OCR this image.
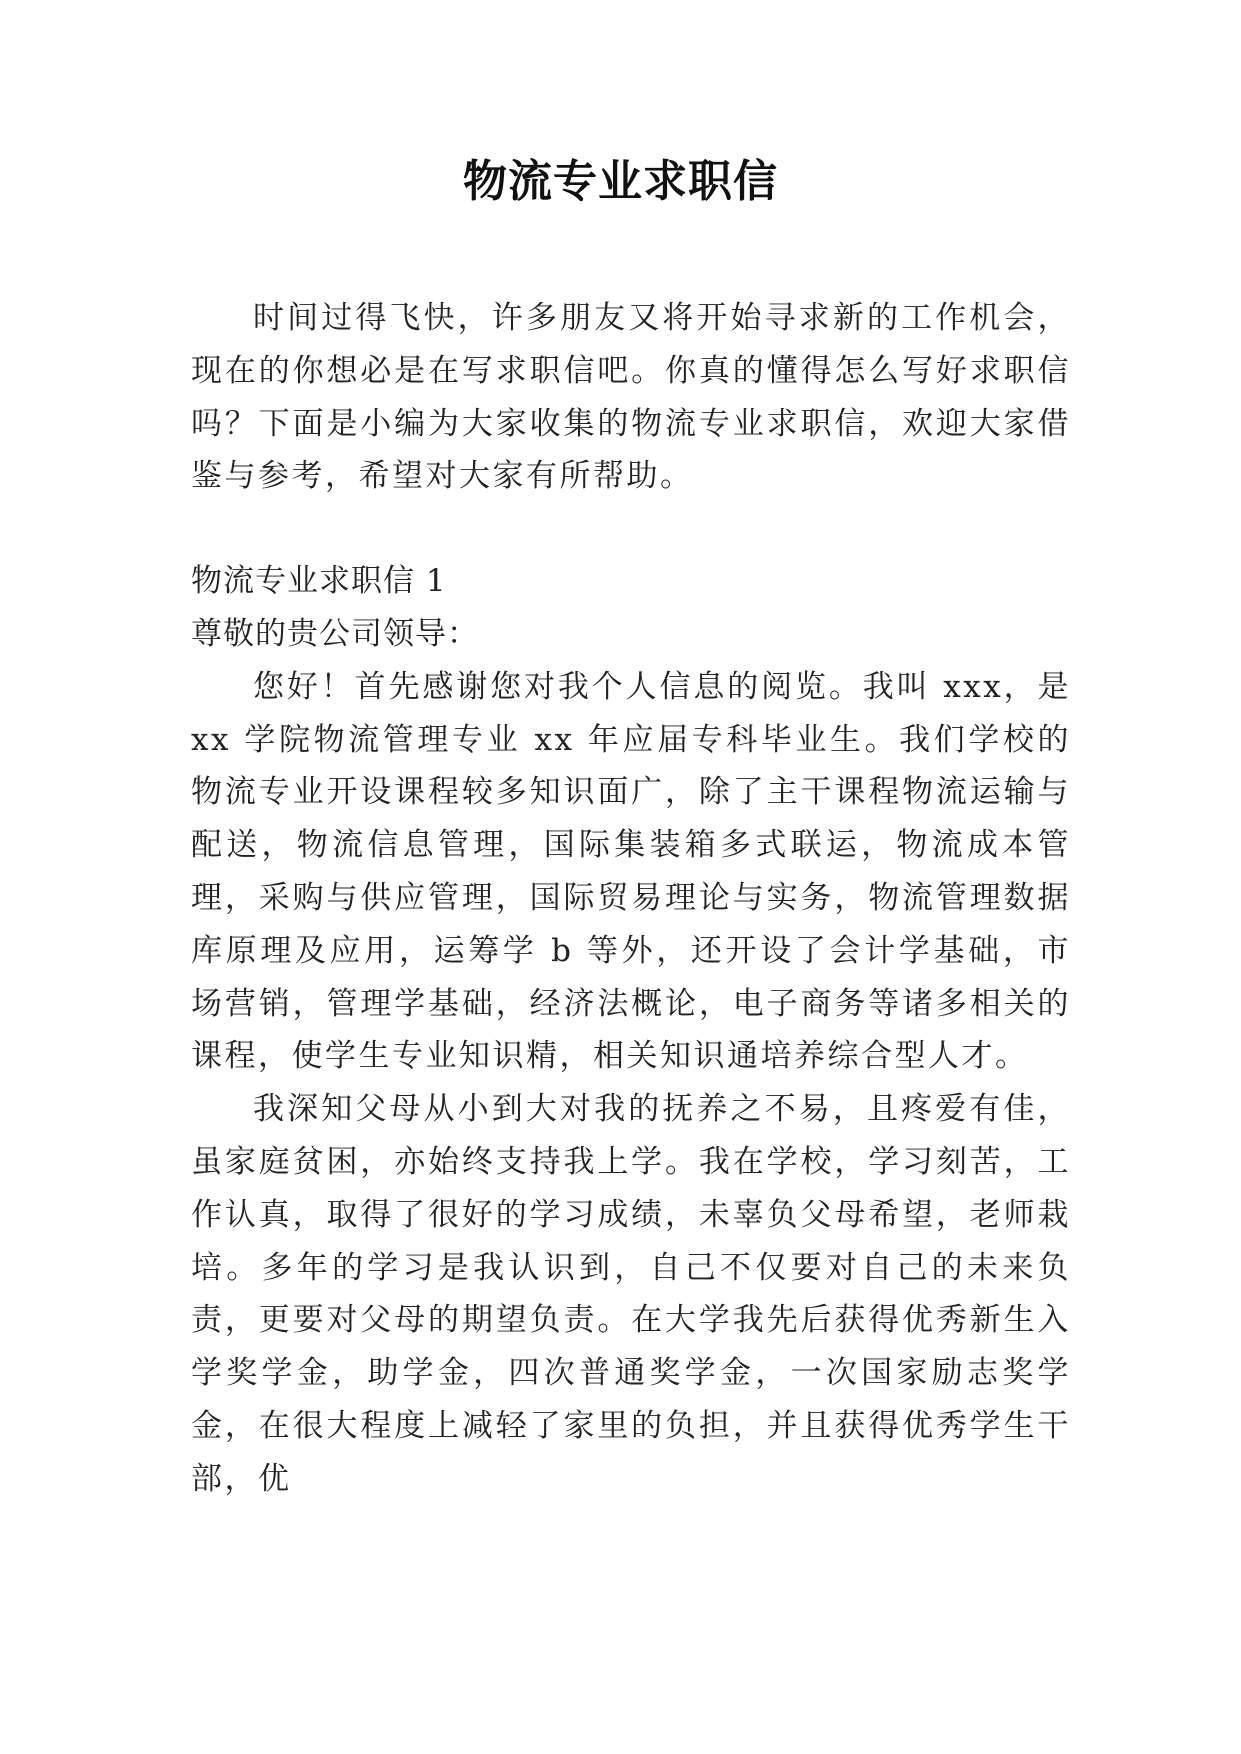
物流专业求职信

时间过得飞快，许多朋友又将开始寻求新的工作机会，现在的你想必是在写求职信吧。你真的懂得怎么写好求职信吗？下面是小编为大家收集的物流专业求职信，欢迎大家借鉴与参考，希望对大家有所帮助。

物流专业求职信 1

尊敬的贵公司领导：

您好！首先感谢您对我个人信息的阅览。我叫 xxx，是 xx 学院物流管理专业 xx 年应届专科毕业生。我们学校的物流专业开设课程较多知识面广，除了主干课程物流运输与配送，物流信息管理，国际集装箱多式联运，物流成本管理，采购与供应管理，国际贸易理论与实务，物流管理数据库原理及应用，运筹学 b 等外，还开设了会计学基础，市场营销，管理学基础，经济法概论，电子商务等诸多相关的课程，使学生专业知识精，相关知识通培养综合型人才。

我深知父母从小到大对我的抚养之不易，且疼爱有佳，虽家庭贫困，亦始终支持我上学。我在学校，学习刻苦，工作认真，取得了很好的学习成绩，未辜负父母希望，老师栽培。多年的学习是我认识到，自己不仅要对自己的未来负责，更要对父母的期望负责。在大学我先后获得优秀新生入学奖学金，助学金，四次普通奖学金，一次国家励志奖学金，在很大程度上减轻了家里的负担，并且获得优秀学生干部，优
